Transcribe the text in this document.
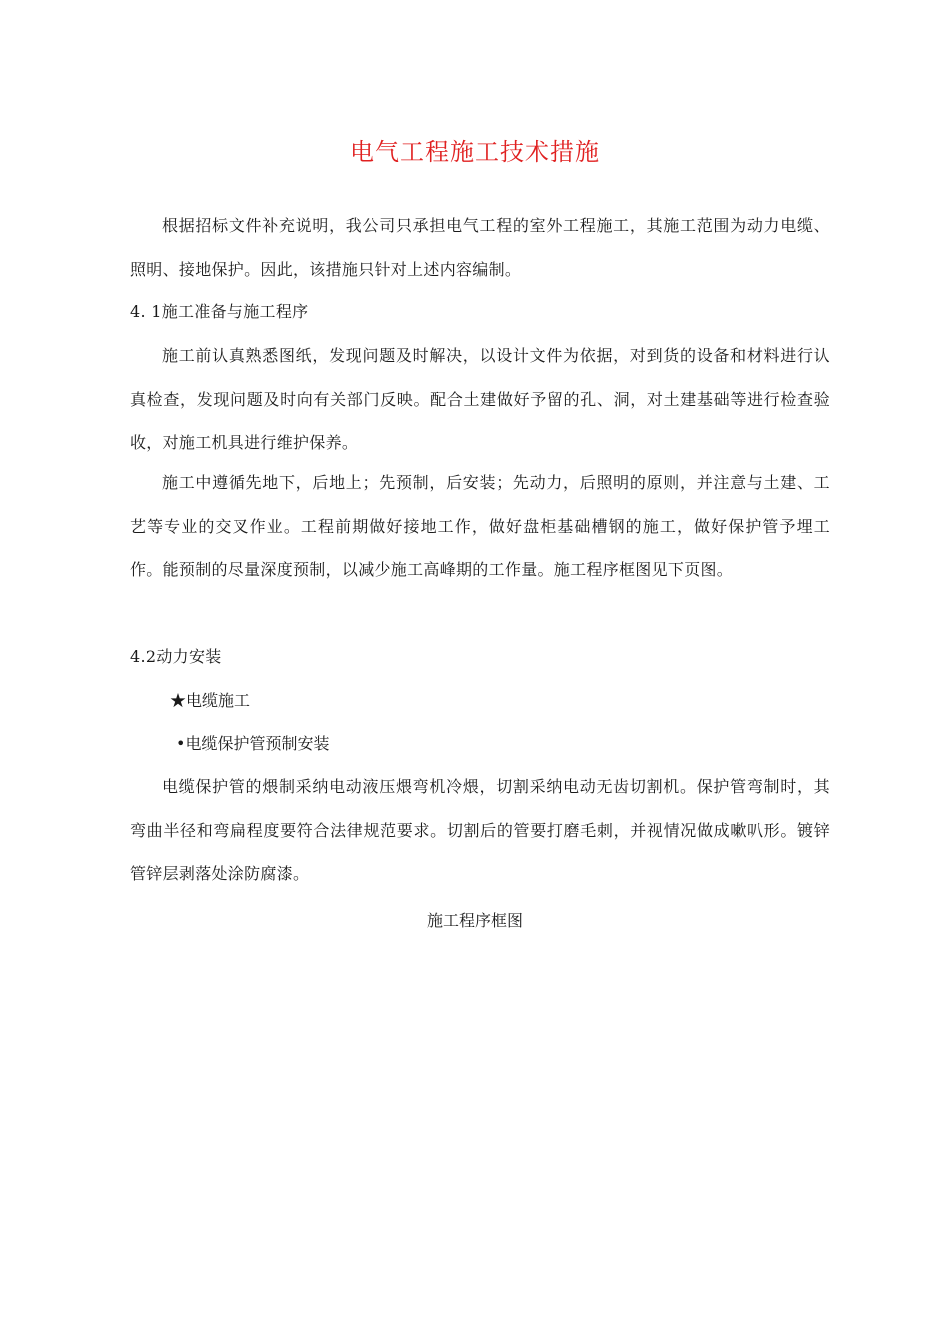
电气工程施工技术措施
根据招标文件补充说明，我公司只承担电气工程的室外工程施工，其施工范围为动力电缆、照明、接地保护。因此，该措施只针对上述内容编制。
4. 1施工准备与施工程序
施工前认真熟悉图纸，发现问题及时解决，以设计文件为依据，对到货的设备和材料进行认真检查，发现问题及时向有关部门反映。配合土建做好予留的孔、洞，对土建基础等进行检查验收，对施工机具进行维护保养。
施工中遵循先地下，后地上；先预制，后安装；先动力，后照明的原则，并注意与土建、工艺等专业的交叉作业。工程前期做好接地工作，做好盘柜基础槽钢的施工，做好保护管予埋工作。能预制的尽量深度预制，以减少施工高峰期的工作量。施工程序框图见下页图。
4.2动力安装
★电缆施工
•电缆保护管预制安装
电缆保护管的煨制采纳电动液压煨弯机冷煨，切割采纳电动无齿切割机。保护管弯制时，其弯曲半径和弯扁程度要符合法律规范要求。切割后的管要打磨毛刺，并视情况做成嗽叭形。镀锌管锌层剥落处涂防腐漆。
施工程序框图
